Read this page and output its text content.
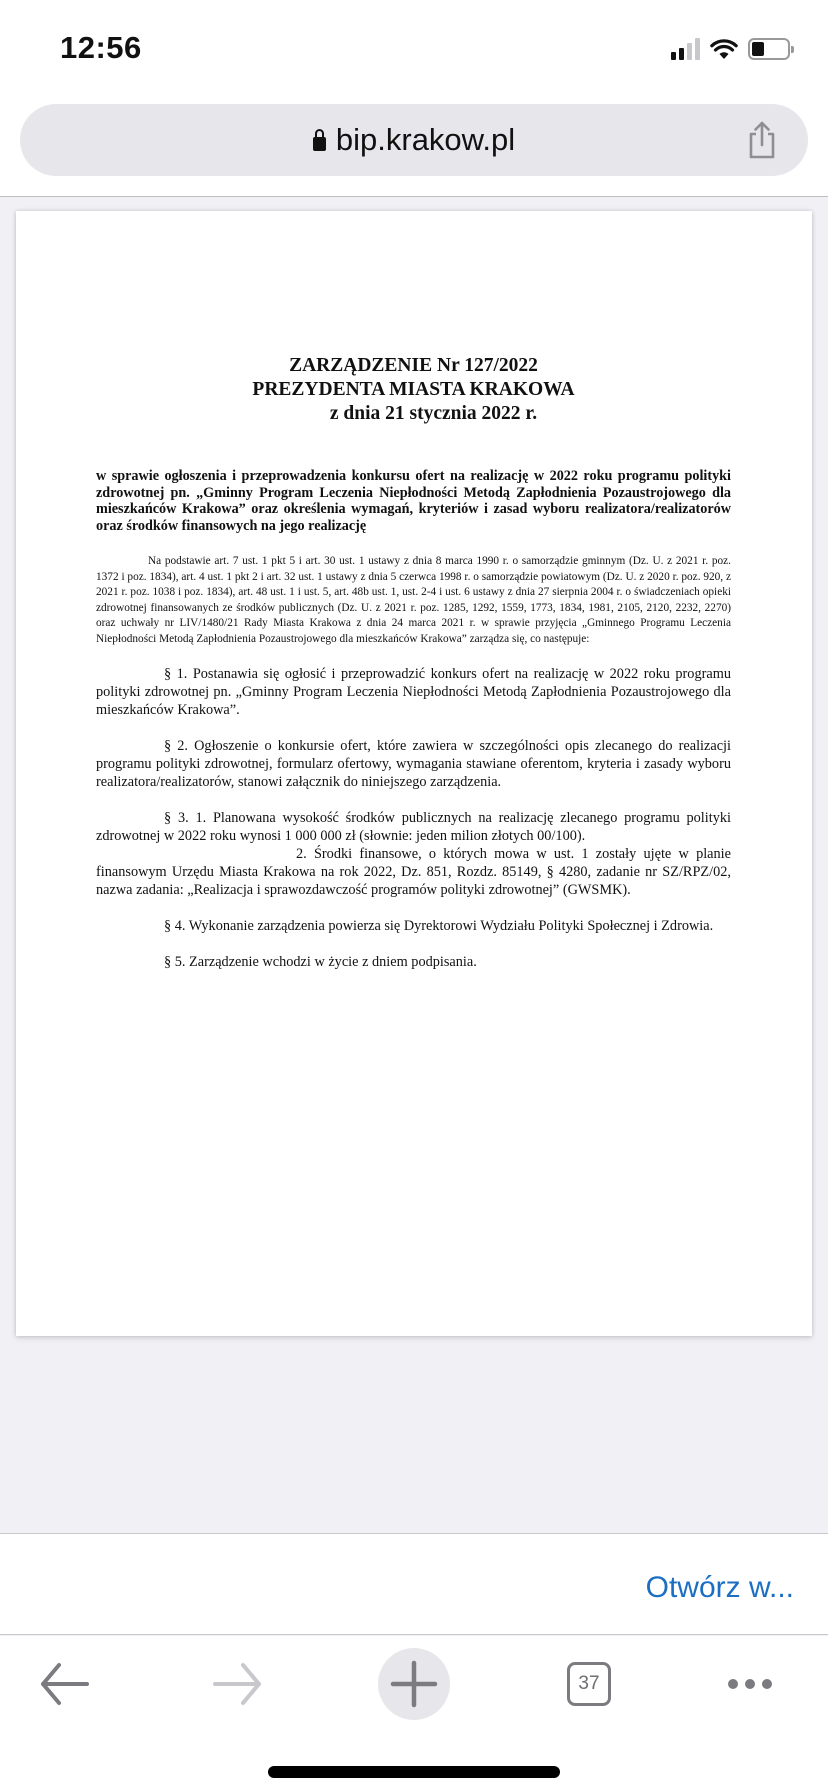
12:56
bip.krakow.pl
ZARZĄDZENIE Nr 127/2022
PREZYDENTA MIASTA KRAKOWA
z dnia 21 stycznia 2022 r.
w sprawie ogłoszenia i przeprowadzenia konkursu ofert na realizację w 2022 roku programu polityki zdrowotnej pn. „Gminny Program Leczenia Niepłodności Metodą Zapłodnienia Pozaustrojowego dla mieszkańców Krakowa” oraz określenia wymagań, kryteriów i zasad wyboru realizatora/realizatorów oraz środków finansowych na jego realizację
Na podstawie art. 7 ust. 1 pkt 5 i art. 30 ust. 1 ustawy z dnia 8 marca 1990 r. o samorządzie gminnym (Dz. U. z 2021 r. poz. 1372 i poz. 1834), art. 4 ust. 1 pkt 2 i art. 32 ust. 1 ustawy z dnia 5 czerwca 1998 r. o samorządzie powiatowym (Dz. U. z 2020 r. poz. 920, z 2021 r. poz. 1038 i poz. 1834), art. 48 ust. 1 i ust. 5, art. 48b ust. 1, ust. 2-4 i ust. 6 ustawy z dnia 27 sierpnia 2004 r. o świadczeniach opieki zdrowotnej finansowanych ze środków publicznych (Dz. U. z 2021 r. poz. 1285, 1292, 1559, 1773, 1834, 1981, 2105, 2120, 2232, 2270) oraz uchwały nr LIV/1480/21 Rady Miasta Krakowa z dnia 24 marca 2021 r. w sprawie przyjęcia „Gminnego Programu Leczenia Niepłodności Metodą Zapłodnienia Pozaustrojowego dla mieszkańców Krakowa” zarządza się, co następuje:
§ 1. Postanawia się ogłosić i przeprowadzić konkurs ofert na realizację w 2022 roku programu polityki zdrowotnej pn. „Gminny Program Leczenia Niepłodności Metodą Zapłodnienia Pozaustrojowego dla mieszkańców Krakowa”.
§ 2. Ogłoszenie o konkursie ofert, które zawiera w szczególności opis zlecanego do realizacji programu polityki zdrowotnej, formularz ofertowy, wymagania stawiane oferentom, kryteria i zasady wyboru realizatora/realizatorów, stanowi załącznik do niniejszego zarządzenia.
§ 3. 1. Planowana wysokość środków publicznych na realizację zlecanego programu polityki zdrowotnej w 2022 roku wynosi 1 000 000 zł (słownie: jeden milion złotych 00/100).
2. Środki finansowe, o których mowa w ust. 1 zostały ujęte w planie finansowym Urzędu Miasta Krakowa na rok 2022, Dz. 851, Rozdz. 85149, § 4280, zadanie nr SZ/RPZ/02, nazwa zadania: „Realizacja i sprawozdawczość programów polityki zdrowotnej” (GWSMK).
§ 4. Wykonanie zarządzenia powierza się Dyrektorowi Wydziału Polityki Społecznej i Zdrowia.
§ 5. Zarządzenie wchodzi w życie z dniem podpisania.
Otwórz w...
37
